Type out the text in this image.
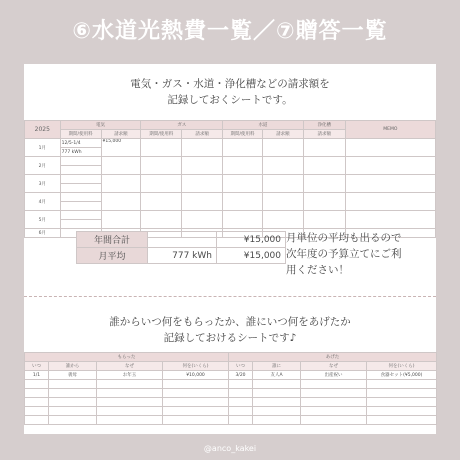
⑥水道光熱費一覧／⑦贈答一覧
電気・ガス・水道・浄化槽などの請求額を
記録しておくシートです。
2025	電気		ガス		水道		浄化槽	MEMO
	期間/使用料	請求額	期間/使用料	請求額	期間/使用料	請求額	請求額	
1月	12/5-1/4	¥15,000						
	777 kWh							
2月								

3月								

4月								

5月								

6月								
年間合計		¥15,000
月平均	777 kWh	¥15,000
月単位の平均も出るので
次年度の予算立てにご利
用ください！
誰からいつ何をもらったか、誰にいつ何をあげたか
記録しておけるシートです♪
もらった				あげた			
いつ	誰から	なぜ	何を(いくら)	いつ	誰に	なぜ	何を(いくら)
1/1	義母	お年玉	¥10,000	3/20	友人A	出産祝い	食器セット(¥5,000)

@anco_kakei
